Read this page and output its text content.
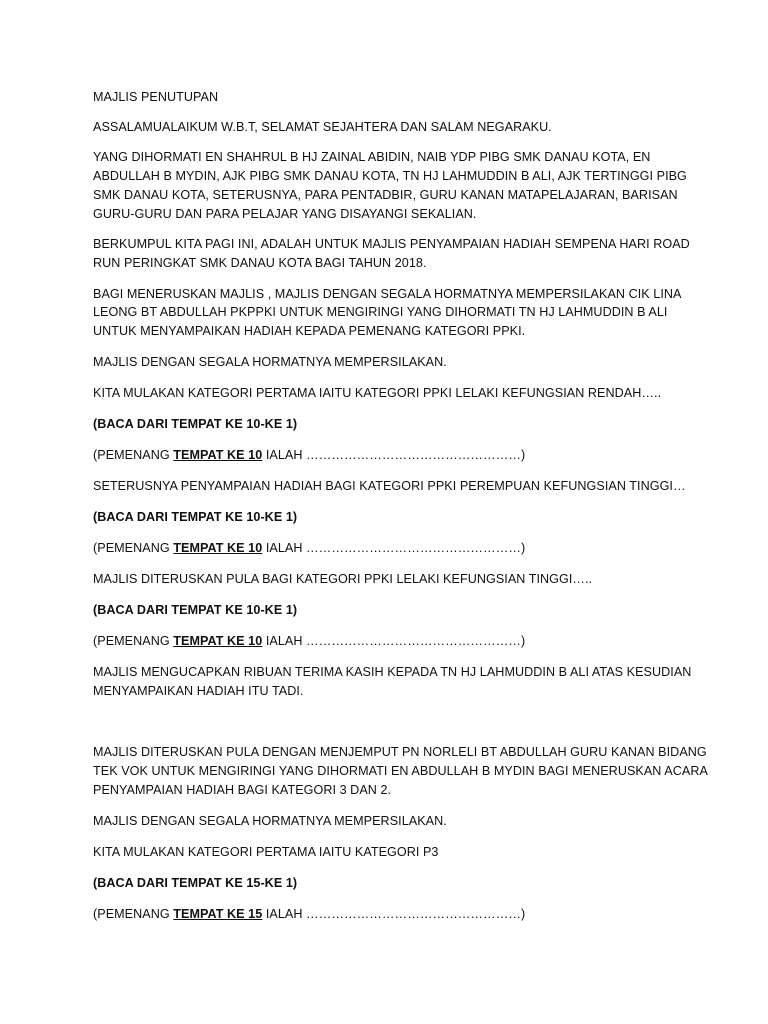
MAJLIS PENUTUPAN
ASSALAMUALAIKUM W.B.T, SELAMAT SEJAHTERA DAN SALAM NEGARAKU.
YANG DIHORMATI EN SHAHRUL B HJ ZAINAL ABIDIN, NAIB YDP PIBG SMK DANAU KOTA, EN
ABDULLAH B MYDIN, AJK PIBG SMK DANAU KOTA, TN HJ LAHMUDDIN B ALI, AJK TERTINGGI PIBG
SMK DANAU KOTA, SETERUSNYA, PARA PENTADBIR, GURU KANAN MATAPELAJARAN, BARISAN
GURU-GURU DAN PARA PELAJAR YANG DISAYANGI SEKALIAN.
BERKUMPUL KITA PAGI INI, ADALAH UNTUK MAJLIS PENYAMPAIAN HADIAH SEMPENA HARI ROAD
RUN PERINGKAT SMK DANAU KOTA BAGI TAHUN 2018.
BAGI MENERUSKAN MAJLIS , MAJLIS DENGAN SEGALA HORMATNYA MEMPERSILAKAN CIK LINA
LEONG BT ABDULLAH PKPPKI UNTUK MENGIRINGI YANG DIHORMATI TN HJ LAHMUDDIN B ALI
UNTUK MENYAMPAIKAN HADIAH KEPADA PEMENANG KATEGORI PPKI.
MAJLIS DENGAN SEGALA HORMATNYA MEMPERSILAKAN.
KITA MULAKAN KATEGORI PERTAMA IAITU KATEGORI PPKI LELAKI KEFUNGSIAN RENDAH…..
(BACA DARI TEMPAT KE 10-KE 1)
(PEMENANG TEMPAT KE 10 IALAH ……………………………………………)
SETERUSNYA PENYAMPAIAN HADIAH BAGI KATEGORI PPKI PEREMPUAN KEFUNGSIAN TINGGI…
(BACA DARI TEMPAT KE 10-KE 1)
(PEMENANG TEMPAT KE 10 IALAH ……………………………………………)
MAJLIS DITERUSKAN PULA BAGI KATEGORI PPKI LELAKI KEFUNGSIAN TINGGI…..
(BACA DARI TEMPAT KE 10-KE 1)
(PEMENANG TEMPAT KE 10 IALAH ……………………………………………)
MAJLIS MENGUCAPKAN RIBUAN TERIMA KASIH KEPADA TN HJ LAHMUDDIN B ALI ATAS KESUDIAN
MENYAMPAIKAN HADIAH ITU TADI.
MAJLIS DITERUSKAN PULA DENGAN MENJEMPUT PN NORLELI BT ABDULLAH GURU KANAN BIDANG
TEK VOK UNTUK MENGIRINGI YANG DIHORMATI EN ABDULLAH B MYDIN BAGI MENERUSKAN ACARA
PENYAMPAIAN HADIAH BAGI KATEGORI 3 DAN 2.
MAJLIS DENGAN SEGALA HORMATNYA MEMPERSILAKAN.
KITA MULAKAN KATEGORI PERTAMA IAITU KATEGORI P3
(BACA DARI TEMPAT KE 15-KE 1)
(PEMENANG TEMPAT KE 15 IALAH ……………………………………………)
